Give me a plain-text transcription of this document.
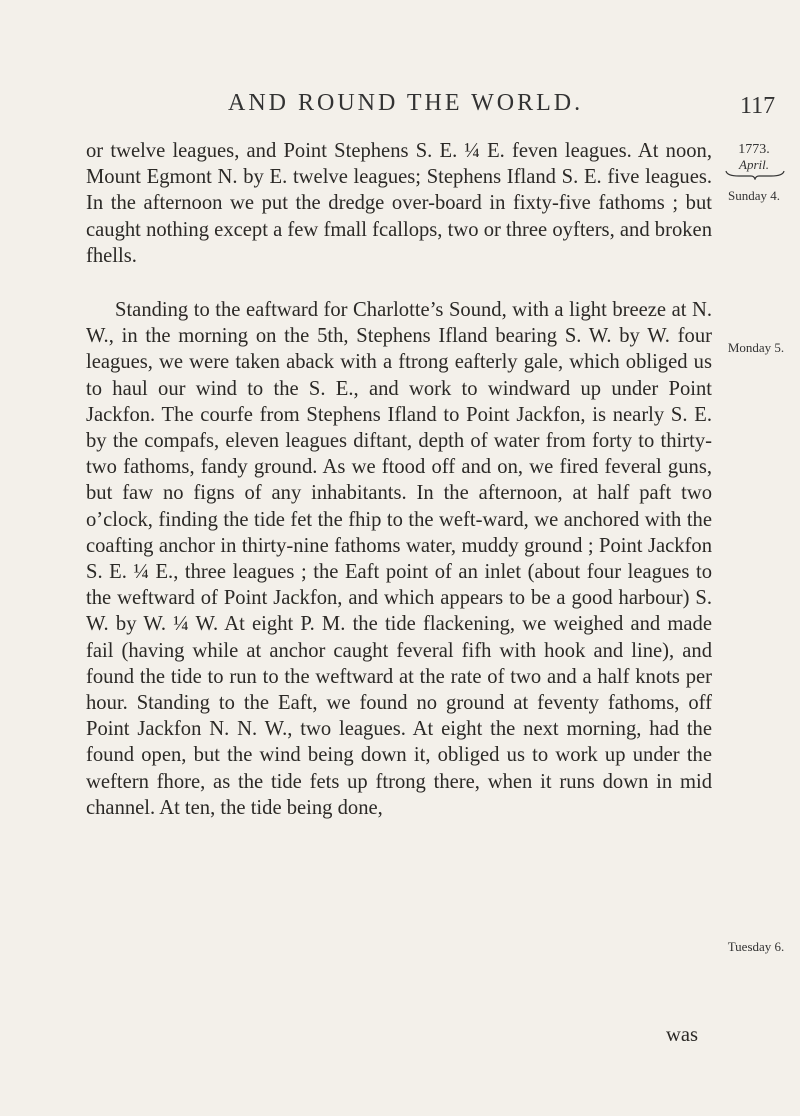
AND ROUND THE WORLD.	117
1773.
April.
Sunday 4.
Monday 5.
Tuesday 6.

or twelve leagues, and Point Stephens S. E. ¼ E. feven leagues. At noon, Mount Egmont N. by E. twelve leagues; Stephens Ifland S. E. five leagues. In the afternoon we put the dredge over-board in fixty-five fathoms ; but caught nothing except a few fmall fcallops, two or three oyfters, and broken fhells.

Standing to the eaftward for Charlotte’s Sound, with a light breeze at N. W., in the morning on the 5th, Stephens Ifland bearing S. W. by W. four leagues, we were taken aback with a ftrong eafterly gale, which obliged us to haul our wind to the S. E., and work to windward up under Point Jackfon. The courfe from Stephens Ifland to Point Jackfon, is nearly S. E. by the compafs, eleven leagues diftant, depth of water from forty to thirty-two fathoms, fandy ground. As we ftood off and on, we fired feveral guns, but faw no figns of any inhabitants. In the afternoon, at half paft two o’clock, finding the tide fet the fhip to the weft-ward, we anchored with the coafting anchor in thirty-nine fathoms water, muddy ground ; Point Jackfon S. E. ¼ E., three leagues ; the Eaft point of an inlet (about four leagues to the weftward of Point Jackfon, and which appears to be a good harbour) S. W. by W. ¼ W. At eight P. M. the tide flackening, we weighed and made fail (having while at anchor caught feveral fifh with hook and line), and found the tide to run to the weftward at the rate of two and a half knots per hour. Standing to the Eaft, we found no ground at feventy fathoms, off Point Jackfon N. N. W., two leagues. At eight the next morning, had the found open, but the wind being down it, obliged us to work up under the weftern fhore, as the tide fets up ftrong there, when it runs down in mid channel. At ten, the tide being done,

was
